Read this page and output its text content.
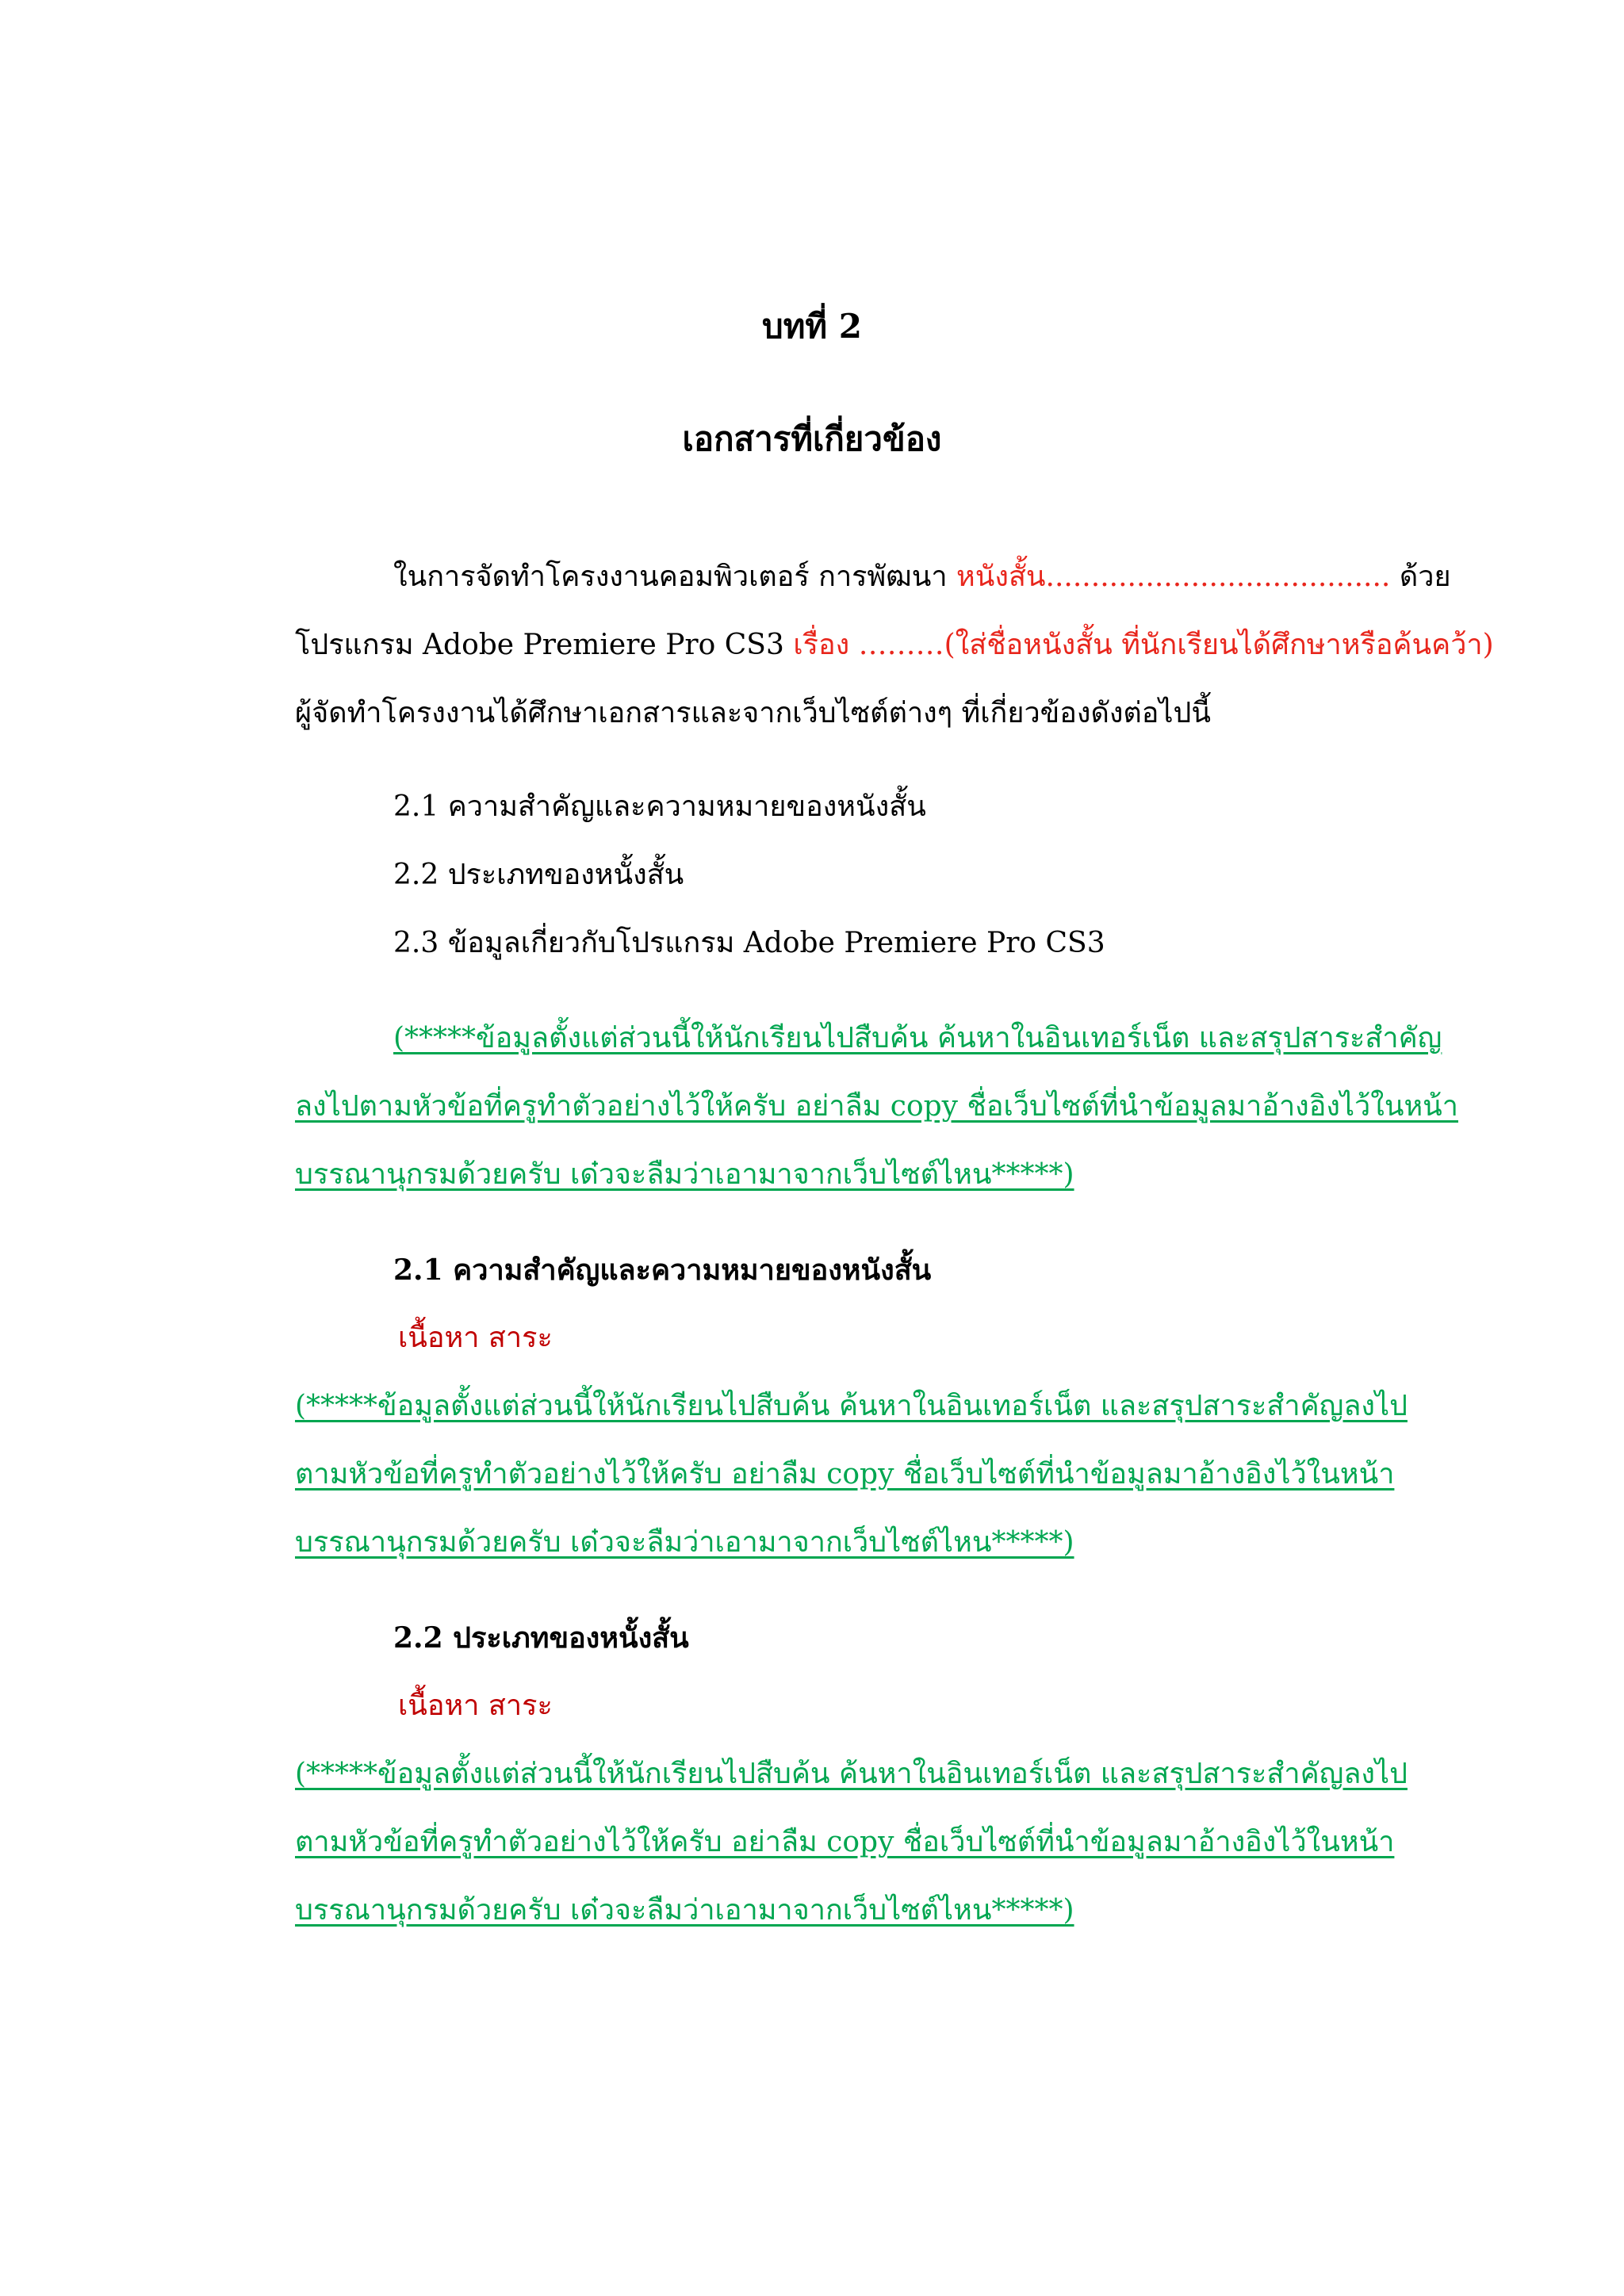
บทที่ 2
เอกสารที่เกี่ยวข้อง
ในการจัดทำโครงงานคอมพิวเตอร์ การพัฒนา หนังสั้น...................................... ด้วย
โปรแกรม Adobe Premiere Pro CS3 เรื่อง ………(ใส่ชื่อหนังสั้น ที่นักเรียนได้ศึกษาหรือค้นคว้า)
ผู้จัดทำโครงงานได้ศึกษาเอกสารและจากเว็บไซต์ต่างๆ ที่เกี่ยวข้องดังต่อไปนี้
2.1 ความสำคัญและความหมายของหนังสั้น
2.2 ประเภทของหนั้งสั้น
2.3 ข้อมูลเกี่ยวกับโปรแกรม Adobe Premiere Pro CS3
(*****ข้อมูลตั้งแต่ส่วนนี้ให้นักเรียนไปสืบค้น ค้นหาในอินเทอร์เน็ต และสรุปสาระสำคัญ
ลงไปตามหัวข้อที่ครูทำตัวอย่างไว้ให้ครับ อย่าลืม copy ชื่อเว็บไซต์ที่นำข้อมูลมาอ้างอิงไว้ในหน้า
บรรณานุกรมด้วยครับ เด๋วจะลืมว่าเอามาจากเว็บไซต์ไหน*****)
2.1 ความสำคัญและความหมายของหนังสั้น
เนื้อหา สาระ
(*****ข้อมูลตั้งแต่ส่วนนี้ให้นักเรียนไปสืบค้น ค้นหาในอินเทอร์เน็ต และสรุปสาระสำคัญลงไป
ตามหัวข้อที่ครูทำตัวอย่างไว้ให้ครับ อย่าลืม copy ชื่อเว็บไซต์ที่นำข้อมูลมาอ้างอิงไว้ในหน้า
บรรณานุกรมด้วยครับ เด๋วจะลืมว่าเอามาจากเว็บไซต์ไหน*****)
2.2 ประเภทของหนั้งสั้น
เนื้อหา สาระ
(*****ข้อมูลตั้งแต่ส่วนนี้ให้นักเรียนไปสืบค้น ค้นหาในอินเทอร์เน็ต และสรุปสาระสำคัญลงไป
ตามหัวข้อที่ครูทำตัวอย่างไว้ให้ครับ อย่าลืม copy ชื่อเว็บไซต์ที่นำข้อมูลมาอ้างอิงไว้ในหน้า
บรรณานุกรมด้วยครับ เด๋วจะลืมว่าเอามาจากเว็บไซต์ไหน*****)
